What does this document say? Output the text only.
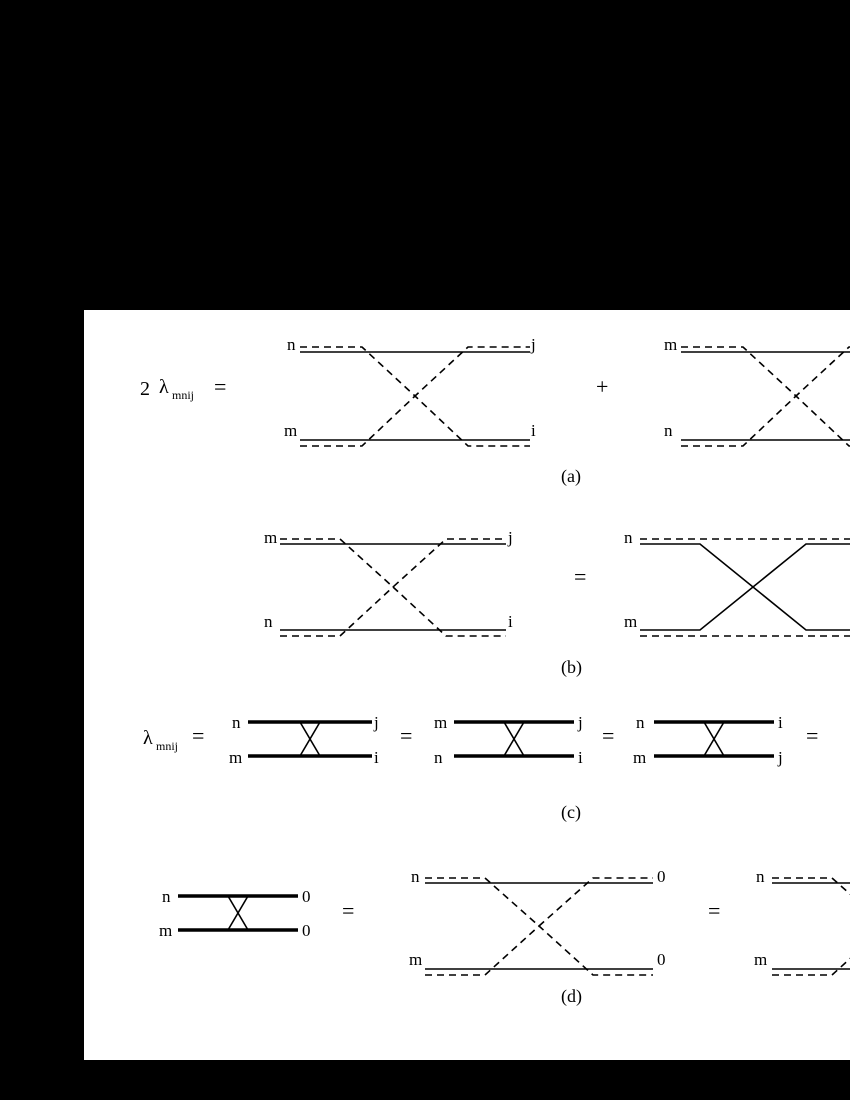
2 λ mnij =
n	j
m	i
+
m
n
(a)
m	j
n	i
=
n
m
(b)
λ mnij =
n	j
m	i
=
m	j
n	i
=
n	i
m	j
=
(c)
n	0
m	0
=
n	0
m	0
=
n
m
(d)
